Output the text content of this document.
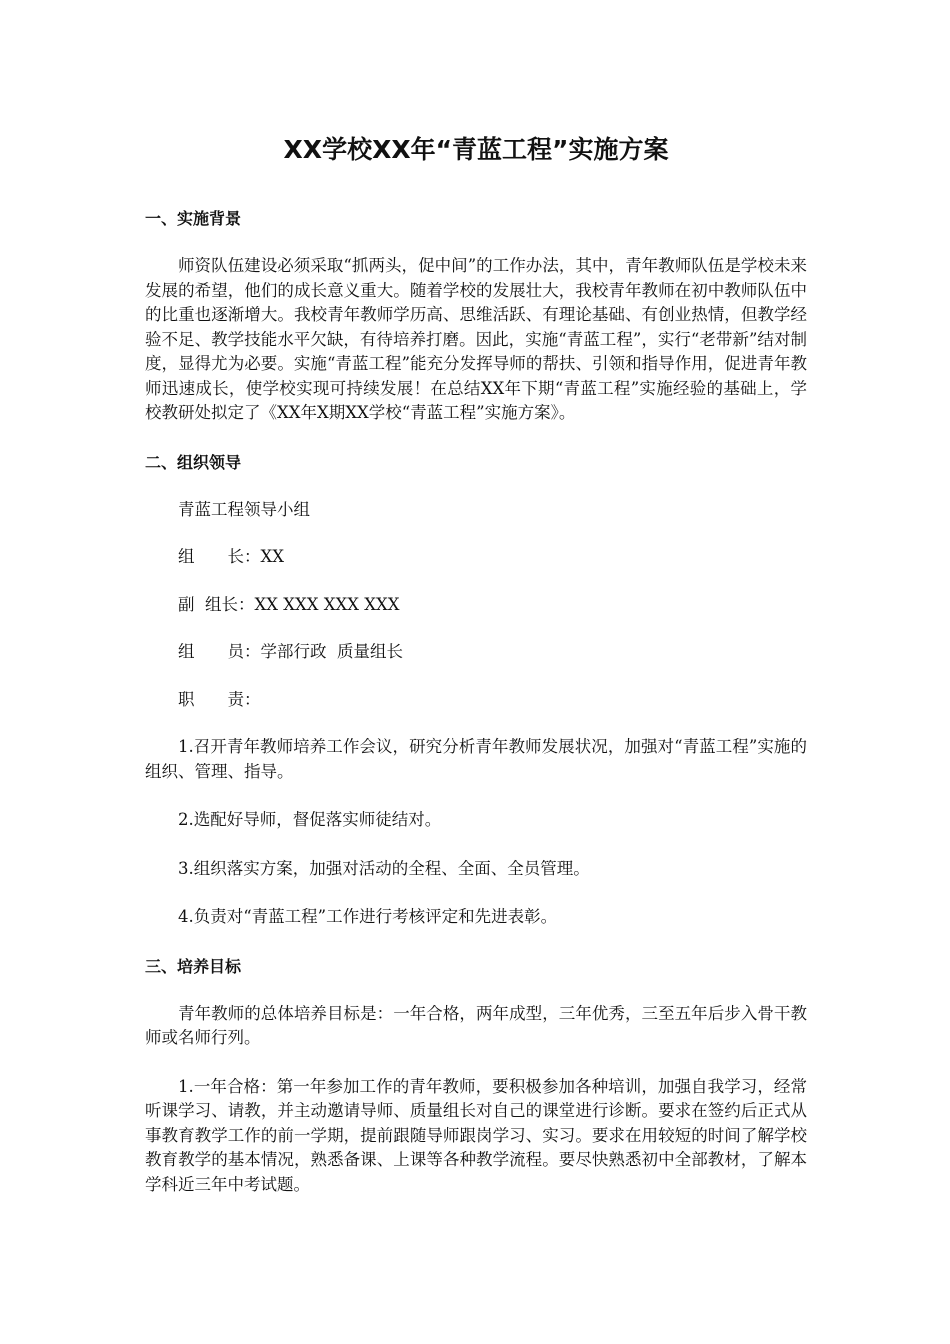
XX学校XX年“青蓝工程”实施方案
一、实施背景

师资队伍建设必须采取“抓两头，促中间”的工作办法，其中，青年教师队伍是学校未来发展的希望，他们的成长意义重大。随着学校的发展壮大，我校青年教师在初中教师队伍中的比重也逐渐增大。我校青年教师学历高、思维活跃、有理论基础、有创业热情，但教学经验不足、教学技能水平欠缺，有待培养打磨。因此，实施“青蓝工程”，实行“老带新”结对制度，显得尤为必要。实施“青蓝工程”能充分发挥导师的帮扶、引领和指导作用，促进青年教师迅速成长，使学校实现可持续发展！在总结XX年下期“青蓝工程”实施经验的基础上，学校教研处拟定了《XX年X期XX学校“青蓝工程”实施方案》。

二、组织领导
青蓝工程领导小组
组　　长：XX
副  组长：XX XXX XXX XXX
组　　员：学部行政  质量组长
职　　责：

1.召开青年教师培养工作会议，研究分析青年教师发展状况，加强对“青蓝工程”实施的组织、管理、指导。

2.选配好导师，督促落实师徒结对。

3.组织落实方案，加强对活动的全程、全面、全员管理。

4.负责对“青蓝工程”工作进行考核评定和先进表彰。

三、培养目标

青年教师的总体培养目标是：一年合格，两年成型，三年优秀，三至五年后步入骨干教师或名师行列。

1.一年合格：第一年参加工作的青年教师，要积极参加各种培训，加强自我学习，经常听课学习、请教，并主动邀请导师、质量组长对自己的课堂进行诊断。要求在签约后正式从事教育教学工作的前一学期，提前跟随导师跟岗学习、实习。要求在用较短的时间了解学校教育教学的基本情况，熟悉备课、上课等各种教学流程。要尽快熟悉初中全部教材，了解本学科近三年中考试题。
